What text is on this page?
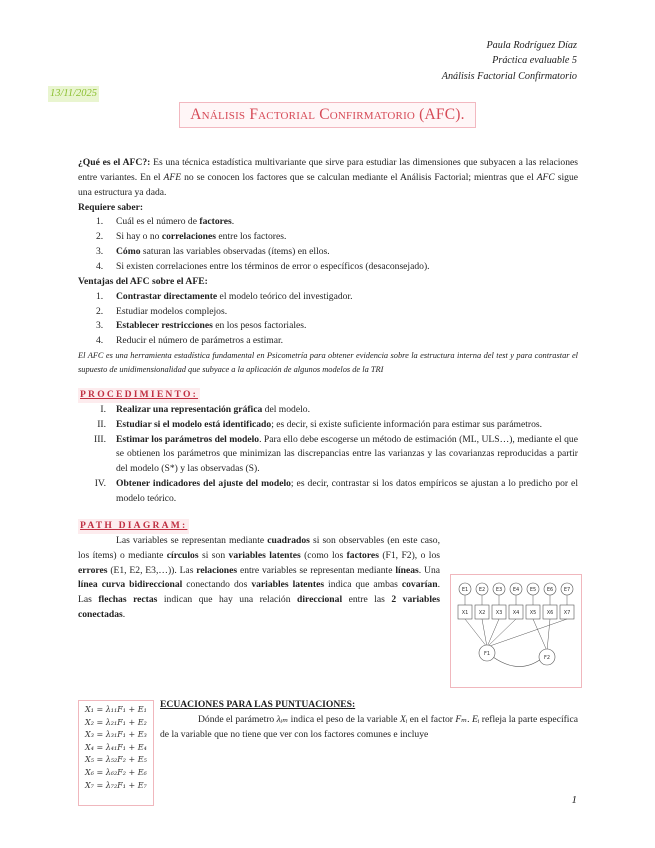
Paula Rodríguez Díaz
Práctica evaluable 5
Análisis Factorial Confirmatorio
13/11/2025
Análisis Factorial Confirmatorio (AFC).

¿Qué es el AFC?: Es una técnica estadística multivariante que sirve para estudiar las dimensiones que subyacen a las relaciones entre variantes. En el AFE no se conocen los factores que se calculan mediante el Análisis Factorial; mientras que el AFC sigue una estructura ya dada.

Requiere saber:

1. Cuál es el número de factores.
2. Si hay o no correlaciones entre los factores.
3. Cómo saturan las variables observadas (ítems) en ellos.
4. Si existen correlaciones entre los términos de error o específicos (desaconsejado).

Ventajas del AFC sobre el AFE:

1. Contrastar directamente el modelo teórico del investigador.
2. Estudiar modelos complejos.
3. Establecer restricciones en los pesos factoriales.
4. Reducir el número de parámetros a estimar.

El AFC es una herramienta estadística fundamental en Psicometría para obtener evidencia sobre la estructura interna del test y para contrastar el supuesto de unidimensionalidad que subyace a la aplicación de algunos modelos de la TRI

PROCEDIMIENTO:

I. Realizar una representación gráfica del modelo.
II. Estudiar si el modelo está identificado; es decir, si existe suficiente información para estimar sus parámetros.
III. Estimar los parámetros del modelo. Para ello debe escogerse un método de estimación (ML, ULS…), mediante el que se obtienen los parámetros que minimizan las discrepancias entre las varianzas y las covarianzas reproducidas a partir del modelo (S*) y las observadas (S).
IV. Obtener indicadores del ajuste del modelo; es decir, contrastar si los datos empíricos se ajustan a lo predicho por el modelo teórico.

PATH DIAGRAM:

Las variables se representan mediante cuadrados si son observables (en este caso, los ítems) o mediante círculos si son variables latentes (como los factores (F1, F2), o los errores (E1, E2, E3,…)). Las relaciones entre variables se representan mediante líneas. Una línea curva bidireccional conectando dos variables latentes indica que ambas covarían. Las flechas rectas indican que hay una relación direccional entre las 2 variables conectadas.

E1 E2 E3 E4 E5 E6 E7
X1 X2 X3 X4 X5 X6 X7
F1
F2
X₁ = λ₁₁F₁ + E₁
X₂ = λ₂₁F₁ + E₂
X₃ = λ₃₁F₁ + E₃
X₄ = λ₄₁F₁ + E₄
X₅ = λ₅₂F₂ + E₅
X₆ = λ₆₂F₂ + E₆
X₇ = λ₇₂F₁ + E₇

ECUACIONES PARA LAS PUNTUACIONES:

Dónde el parámetro λᵢₘ indica el peso de la variable Xᵢ en el factor Fₘ. Eᵢ refleja la parte específica de la variable que no tiene que ver con los factores comunes e incluye

1
